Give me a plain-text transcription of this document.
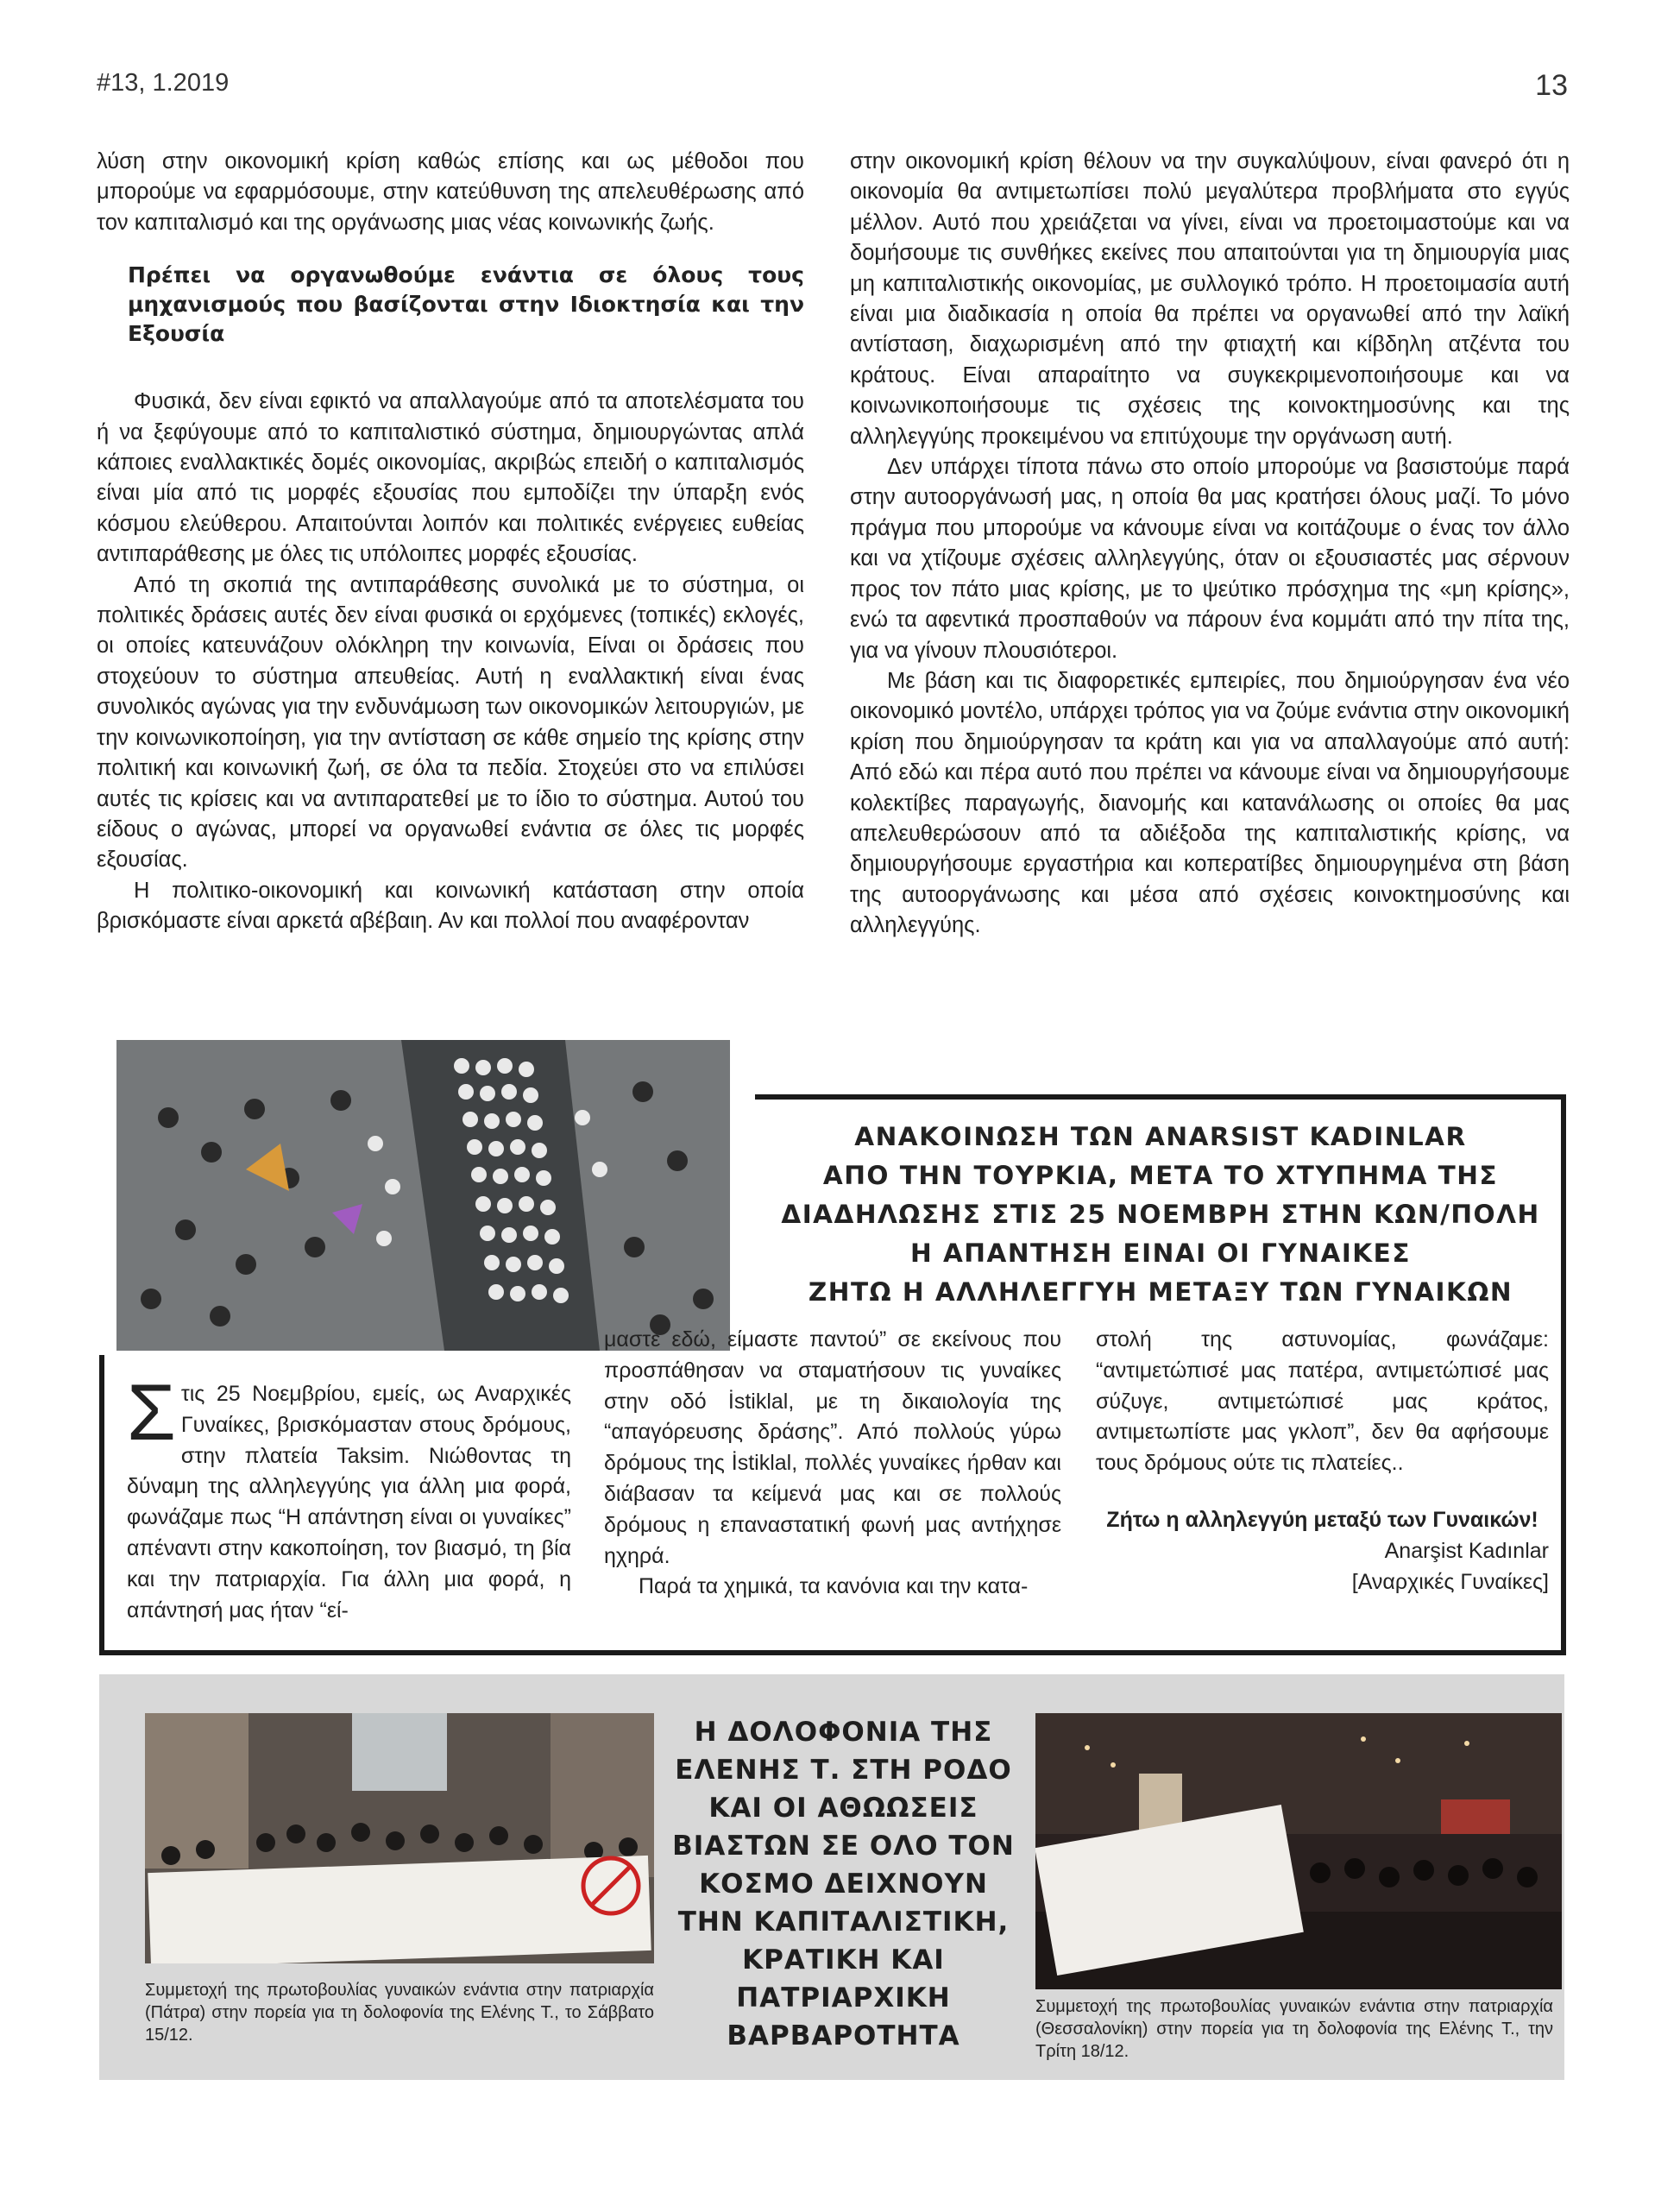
#13, 1.2019	13

λύση στην οικονομική κρίση καθώς επίσης και ως μέθοδοι που μπορούμε να εφαρμόσουμε, στην κατεύθυνση της απελευθέρωσης από τον καπιταλισμό και της οργάνωσης μιας νέας κοινωνικής ζωής.

Πρέπει να οργανωθούμε ενάντια σε όλους τους μηχανισμούς που βασίζονται στην Ιδιοκτησία και την Εξουσία

Φυσικά, δεν είναι εφικτό να απαλλαγούμε από τα αποτελέσματα του ή να ξεφύγουμε από το καπιταλιστικό σύστημα, δημιουργώντας απλά κάποιες εναλλακτικές δομές οικονομίας, ακριβώς επειδή ο καπιταλισμός είναι μία από τις μορφές εξουσίας που εμποδίζει την ύπαρξη ενός κόσμου ελεύθερου. Απαιτούνται λοιπόν και πολιτικές ενέργειες ευθείας αντιπαράθεσης με όλες τις υπόλοιπες μορφές εξουσίας.

Από τη σκοπιά της αντιπαράθεσης συνολικά με το σύστημα, οι πολιτικές δράσεις αυτές δεν είναι φυσικά οι ερχόμενες (τοπικές) εκλογές, οι οποίες κατευνάζουν ολόκληρη την κοινωνία, Είναι οι δράσεις που στοχεύουν το σύστημα απευθείας. Αυτή η εναλλακτική είναι ένας συνολικός αγώνας για την ενδυνάμωση των οικονομικών λειτουργιών, με την κοινωνικοποίηση, για την αντίσταση σε κάθε σημείο της κρίσης στην πολιτική και κοινωνική ζωή, σε όλα τα πεδία. Στοχεύει στο να επιλύσει αυτές τις κρίσεις και να αντιπαρατεθεί με το ίδιο το σύστημα. Αυτού του είδους ο αγώνας, μπορεί να οργανωθεί ενάντια σε όλες τις μορφές εξουσίας.

Η πολιτικο-οικονομική και κοινωνική κατάσταση στην οποία βρισκόμαστε είναι αρκετά αβέβαιη. Αν και πολλοί που αναφέρονταν

στην οικονομική κρίση θέλουν να την συγκαλύψουν, είναι φανερό ότι η οικονομία θα αντιμετωπίσει πολύ μεγαλύτερα προβλήματα στο εγγύς μέλλον. Αυτό που χρειάζεται να γίνει, είναι να προετοιμαστούμε και να δομήσουμε τις συνθήκες εκείνες που απαιτούνται για τη δημιουργία μιας μη καπιταλιστικής οικονομίας, με συλλογικό τρόπο. Η προετοιμασία αυτή είναι μια διαδικασία η οποία θα πρέπει να οργανωθεί από την λαϊκή αντίσταση, διαχωρισμένη από την φτιαχτή και κίβδηλη ατζέντα του κράτους. Είναι απαραίτητο να συγκεκριμενοποιήσουμε και να κοινωνικοποιήσουμε τις σχέσεις της κοινοκτημοσύνης και της αλληλεγγύης προκειμένου να επιτύχουμε την οργάνωση αυτή.

Δεν υπάρχει τίποτα πάνω στο οποίο μπορούμε να βασιστούμε παρά στην αυτοοργάνωσή μας, η οποία θα μας κρατήσει όλους μαζί. Το μόνο πράγμα που μπορούμε να κάνουμε είναι να κοιτάζουμε ο ένας τον άλλο και να χτίζουμε σχέσεις αλληλεγγύης, όταν οι εξουσιαστές μας σέρνουν προς τον πάτο μιας κρίσης, με το ψεύτικο πρόσχημα της «μη κρίσης», ενώ τα αφεντικά προσπαθούν να πάρουν ένα κομμάτι από την πίτα της, για να γίνουν πλουσιότεροι.

Με βάση και τις διαφορετικές εμπειρίες, που δημιούργησαν ένα νέο οικονομικό μοντέλο, υπάρχει τρόπος για να ζούμε ενάντια στην οικονομική κρίση που δημιούργησαν τα κράτη και για να απαλλαγούμε από αυτή: Από εδώ και πέρα αυτό που πρέπει να κάνουμε είναι να δημιουργήσουμε κολεκτίβες παραγωγής, διανομής και κατανάλωσης οι οποίες θα μας απελευθερώσουν από τα αδιέξοδα της καπιταλιστικής κρίσης, να δημιουργήσουμε εργαστήρια και κοπερατίβες δημιουργημένα στη βάση της αυτοοργάνωσης και μέσα από σχέσεις κοινοκτημοσύνης και αλληλεγγύης.

ΑΝΑΚΟΙΝΩΣΗ ΤΩΝ ANARSIST KADINLAR
ΑΠΟ ΤΗΝ ΤΟΥΡΚΙΑ, ΜΕΤΑ ΤΟ ΧΤΥΠΗΜΑ ΤΗΣ
ΔΙΑΔΗΛΩΣΗΣ ΣΤΙΣ 25 ΝΟΕΜΒΡΗ ΣΤΗΝ ΚΩΝ/ΠΟΛΗ
Η ΑΠΑΝΤΗΣΗ ΕΙΝΑΙ ΟΙ ΓΥΝΑΙΚΕΣ
ΖΗΤΩ Η ΑΛΛΗΛΕΓΓΥΗ ΜΕΤΑΞΥ ΤΩΝ ΓΥΝΑΙΚΩΝ
Στις 25 Νοεμβρίου, εμείς, ως Αναρχικές Γυναίκες, βρισκόμασταν στους δρόμους, στην πλατεία Taksim. Νιώθοντας τη δύναμη της αλληλεγγύης για άλλη μια φορά, φωνάζαμε πως “Η απάντηση είναι οι γυναίκες” απέναντι στην κακοποίηση, τον βιασμό, τη βία και την πατριαρχία. Για άλλη μια φορά, η απάντησή μας ήταν “εί-

μαστε εδώ, είμαστε παντού” σε εκείνους που προσπάθησαν να σταματήσουν τις γυναίκες στην οδό İstiklal, με τη δικαιολογία της “απαγόρευσης δράσης”. Από πολλούς γύρω δρόμους της İstiklal, πολλές γυναίκες ήρθαν και διάβασαν τα κείμενά μας και σε πολλούς δρόμους η επαναστατική φωνή μας αντήχησε ηχηρά.

Παρά τα χημικά, τα κανόνια και την κατα-

στολή της αστυνομίας, φωνάζαμε: “αντιμετώπισέ μας πατέρα, αντιμετώπισέ μας σύζυγε, αντιμετώπισέ μας κράτος, αντιμετωπίστε μας γκλοπ”, δεν θα αφήσουμε τους δρόμους ούτε τις πλατείες..

Ζήτω η αλληλεγγύη μεταξύ των Γυναικών!

Anarşist Kadınlar

[Αναρχικές Γυναίκες]

Η ΔΟΛΟΦΟΝΙΑ ΤΗΣ
ΕΛΕΝΗΣ Τ. ΣΤΗ ΡΟΔΟ
ΚΑΙ ΟΙ ΑΘΩΩΣΕΙΣ
ΒΙΑΣΤΩΝ ΣΕ ΟΛΟ ΤΟΝ
ΚΟΣΜΟ ΔΕΙΧΝΟΥΝ
ΤΗΝ ΚΑΠΙΤΑΛΙΣΤΙΚΗ,
ΚΡΑΤΙΚΗ ΚΑΙ
ΠΑΤΡΙΑΡΧΙΚΗ
ΒΑΡΒΑΡΟΤΗΤΑ
Συμμετοχή της πρωτοβουλίας γυναικών ενάντια στην πατριαρχία (Πάτρα) στην πορεία για τη δολοφονία της Ελένης Τ., το Σάββατο 15/12.
Συμμετοχή της πρωτοβουλίας γυναικών ενάντια στην πατριαρχία (Θεσσαλονίκη) στην πορεία για τη δολοφονία της Ελένης Τ., την Τρίτη 18/12.
